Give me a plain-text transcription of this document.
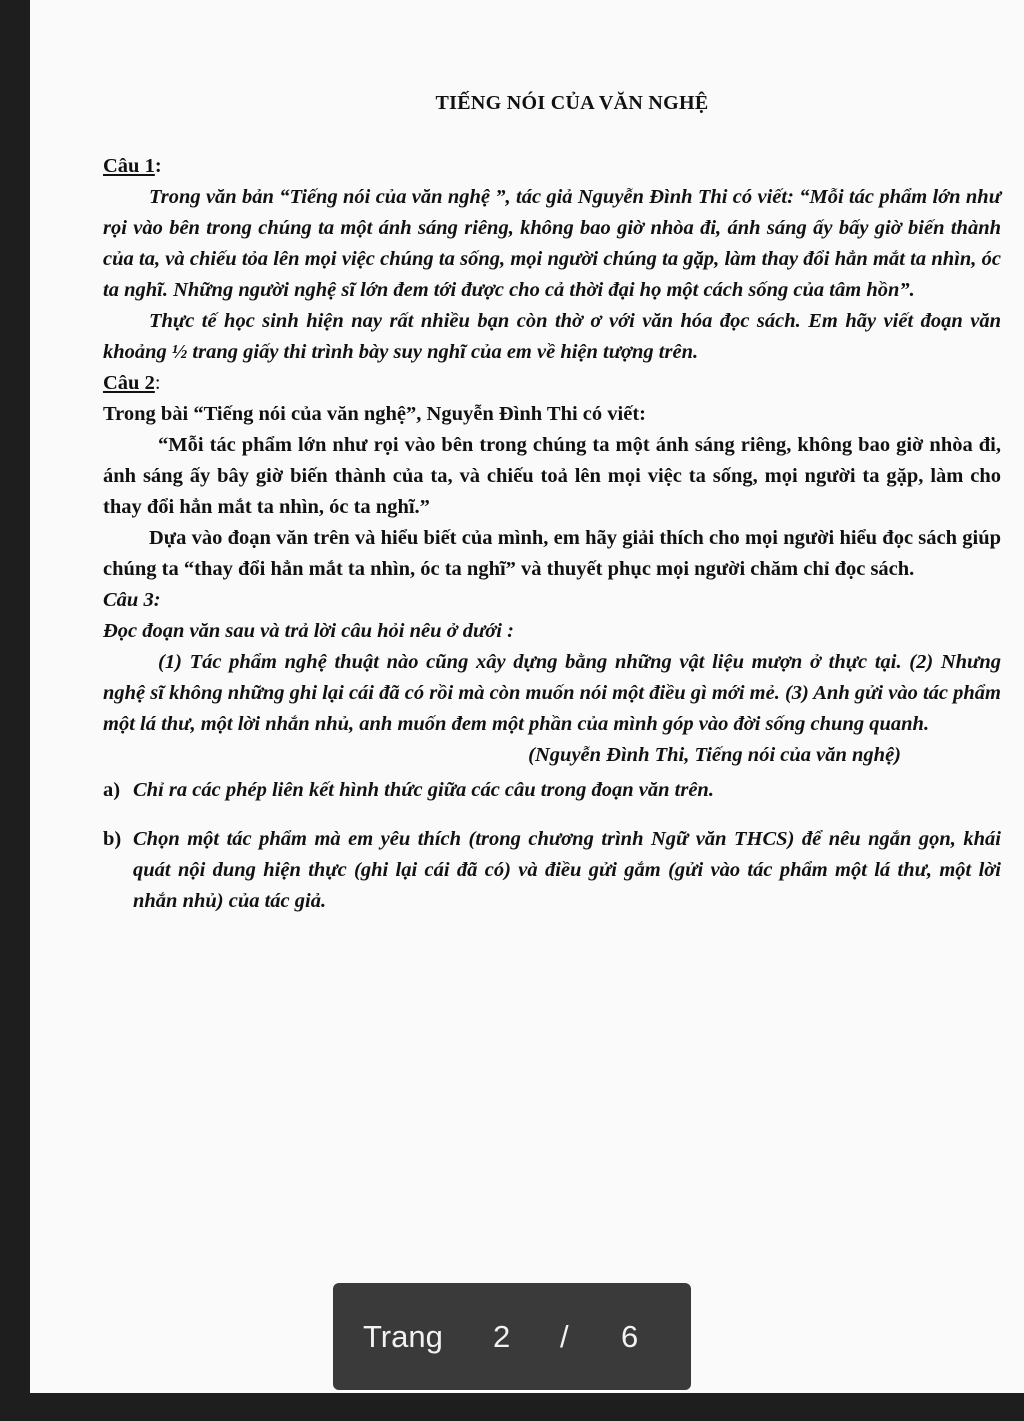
TIẾNG NÓI CỦA VĂN NGHỆ
Câu 1:
Trong văn bản “Tiếng nói của văn nghệ ”, tác giả Nguyễn Đình Thi có viết: “Mỗi tác phẩm lớn như rọi vào bên trong chúng ta một ánh sáng riêng, không bao giờ nhòa đi, ánh sáng ấy bấy giờ biến thành của ta, và chiếu tỏa lên mọi việc chúng ta sống, mọi người chúng ta gặp, làm thay đổi hẳn mắt ta nhìn, óc ta nghĩ. Những người nghệ sĩ lớn đem tới được cho cả thời đại họ một cách sống của tâm hồn”.
Thực tế học sinh hiện nay rất nhiều bạn còn thờ ơ với văn hóa đọc sách. Em hãy viết đoạn văn khoảng ½ trang giấy thi trình bày suy nghĩ của em về hiện tượng trên.
Câu 2:
Trong bài “Tiếng nói của văn nghệ”, Nguyễn Đình Thi có viết:
“Mỗi tác phẩm lớn như rọi vào bên trong chúng ta một ánh sáng riêng, không bao giờ nhòa đi, ánh sáng ấy bây giờ biến thành của ta, và chiếu toả lên mọi việc ta sống, mọi người ta gặp, làm cho thay đổi hẳn mắt ta nhìn, óc ta nghĩ.”
Dựa vào đoạn văn trên và hiểu biết của mình, em hãy giải thích cho mọi người hiểu đọc sách giúp chúng ta “thay đổi hẳn mắt ta nhìn, óc ta nghĩ” và thuyết phục mọi người chăm chỉ đọc sách.
Câu 3:
Đọc đoạn văn sau và trả lời câu hỏi nêu ở dưới :
(1) Tác phẩm nghệ thuật nào cũng xây dựng bằng những vật liệu mượn ở thực tại. (2) Nhưng nghệ sĩ không những ghi lại cái đã có rồi mà còn muốn nói một điều gì mới mẻ. (3) Anh gửi vào tác phẩm một lá thư, một lời nhắn nhủ, anh muốn đem một phần của mình góp vào đời sống chung quanh.
(Nguyễn Đình Thi, Tiếng nói của văn nghệ)
a) Chỉ ra các phép liên kết hình thức giữa các câu trong đoạn văn trên.
b) Chọn một tác phẩm mà em yêu thích (trong chương trình Ngữ văn THCS) để nêu ngắn gọn, khái quát nội dung hiện thực (ghi lại cái đã có) và điều gửi gắm (gửi vào tác phẩm một lá thư, một lời nhắn nhủ) của tác giả.
Trang 2 / 6
